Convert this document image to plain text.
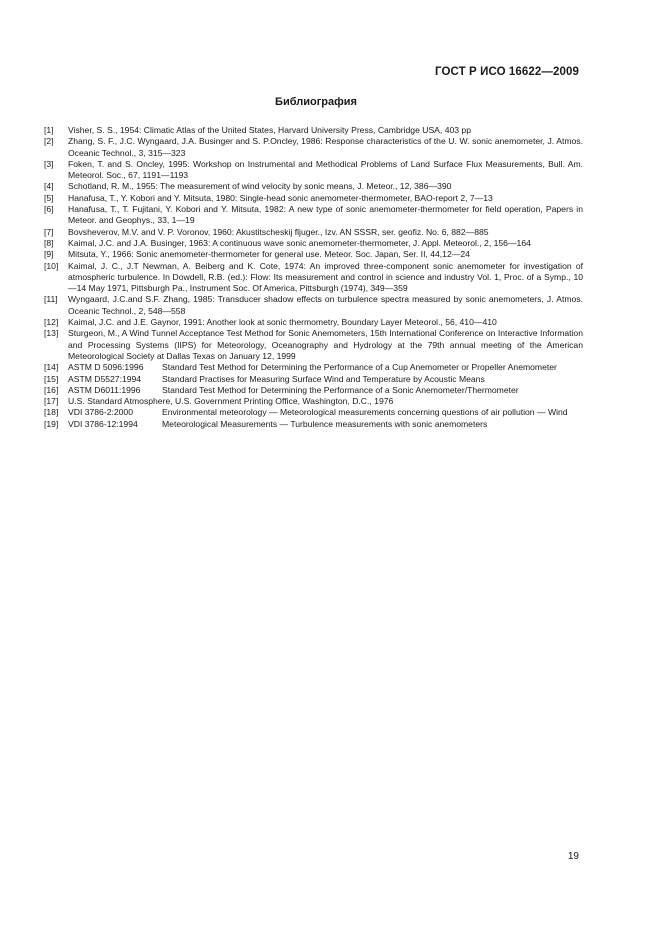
ГОСТ Р ИСО 16622—2009
Библиография
[1]	Visher, S. S., 1954: Climatic Atlas of the United States, Harvard University Press, Cambridge USA, 403 pp
[2]	Zhang, S. F., J.C. Wyngaard, J.A. Businger and S. P.Oncley, 1986: Response characteristics of the U. W. sonic anemometer, J. Atmos. Oceanic Technol., 3, 315—323
[3]	Foken, T. and S. Oncley, 1995: Workshop on Instrumental and Methodical Problems of Land Surface Flux Measurements, Bull. Am. Meteorol. Soc., 67, 1191—1193
[4]	Schotland, R. M., 1955: The measurement of wind velocity by sonic means, J. Meteor., 12, 386—390
[5]	Hanafusa, T., Y. Kobori and Y. Mitsuta, 1980: Single-head sonic anemometer-thermometer, BAO-report 2, 7—13
[6]	Hanafusa, T., T. Fujitani, Y. Kobori and Y. Mitsuta, 1982: A new type of sonic anemometer-thermometer for field operation, Papers in Meteor. and Geophys., 33, 1—19
[7]	Bovsheverov, M.V. and V. P. Voronov, 1960: Akustitscheskij fljuger., Izv. AN SSSR, ser. geofiz. No. 6, 882—885
[8]	Kaimal, J.C. and J.A. Businger, 1963: A continuous wave sonic anemometer-thermometer, J. Appl. Meteorol., 2, 156—164
[9]	Mitsuta, Y., 1966: Sonic anemometer-thermometer for general use. Meteor. Soc. Japan, Ser. II, 44,12—24
[10]	Kaimal, J. C., J.T Newman, A. Beiberg and K. Cote, 1974: An improved three-component sonic anemometer for investigation of atmospheric turbulence. In Dowdell, R.B. (ed.): Flow: Its measurement and control in science and industry Vol. 1, Proc. of a Symp., 10—14 May 1971, Pittsburgh Pa., Instrument Soc. Of America, Pittsburgh (1974), 349—359
[11]	Wyngaard, J.C.and S.F. Zhang, 1985: Transducer shadow effects on turbulence spectra measured by sonic anemometers, J. Atmos. Oceanic Technol., 2, 548—558
[12]	Kaimal, J.C. and J.E. Gaynor, 1991: Another look at sonic thermometry, Boundary Layer Meteorol., 56, 410—410
[13]	Sturgeon, M., A Wind Tunnel Acceptance Test Method for Sonic Anemometers, 15th International Conference on Interactive Information and Processing Systems (IIPS) for Meteorology, Oceanography and Hydrology at the 79th annual meeting of the American Meteorological Society at Dallas Texas on January 12, 1999
[14]	ASTM D 5096:1996	Standard Test Method for Determining the Performance of a Cup Anemometer or Propeller Anemometer
[15]	ASTM D5527:1994	Standard Practises for Measuring Surface Wind and Temperature by Acoustic Means
[16]	ASTM D6011:1996	Standard Test Method for Determining the Performance of a Sonic Anemometer/Thermometer
[17]	U.S. Standard Atmosphere, U.S. Government Printing Office, Washington, D.C., 1976
[18]	VDI 3786-2:2000	Environmental meteorology — Meteorological measurements concerning questions of air pollution — Wind
[19]	VDI 3786-12:1994	Meteorological Measurements — Turbulence measurements with sonic anemometers
19
